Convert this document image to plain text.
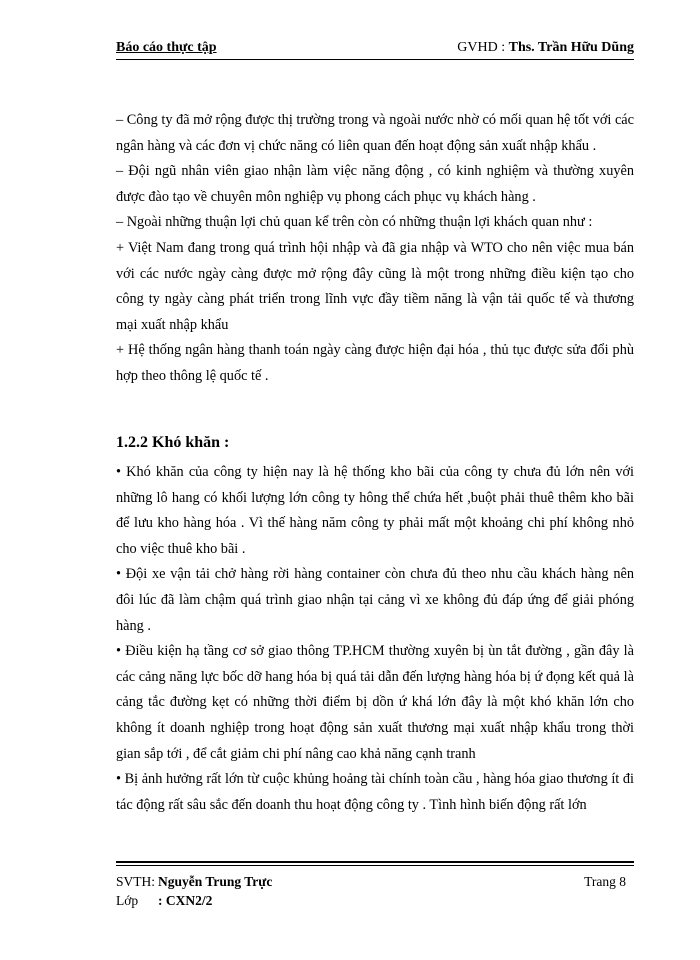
Báo cáo thực tập	GVHD : Ths. Trần Hữu Dũng

– Công ty đã mở rộng được thị trường trong và ngoài nước nhờ có mối quan hệ tốt với các ngân hàng và các đơn vị chức năng có liên quan đến hoạt động sản xuất nhập khẩu .

– Đội ngũ nhân viên giao nhận làm việc năng động , có kinh nghiệm và thường xuyên được đào tạo về chuyên môn nghiệp vụ phong cách phục vụ khách hàng .

– Ngoài những thuận lợi chủ quan kể trên còn có những thuận lợi khách quan như :

+ Việt Nam đang trong quá trình hội nhập và đã gia nhập và WTO cho nên việc mua bán với các nước ngày càng được mở rộng đây cũng là một trong những điều kiện tạo cho công ty ngày càng phát triển trong lĩnh vực đầy tiềm năng là vận tải quốc tế và thương mại xuất nhập khẩu

+ Hệ thống ngân hàng thanh toán ngày càng được hiện đại hóa , thủ tục được sửa đổi phù hợp theo thông lệ quốc tế .

1.2.2 Khó khăn :

• Khó khăn của công ty hiện nay là hệ thống kho bãi của công ty chưa đủ lớn nên với những lô hang có khối lượng lớn công ty hông thể chứa hết ,buột phải thuê thêm kho bãi để lưu kho hàng hóa . Vì thế hàng năm công ty phải mất một khoảng chi phí không nhỏ cho việc thuê kho bãi .

• Đội xe vận tải chở hàng rời hàng container còn chưa đủ theo nhu cầu khách hàng nên đôi lúc đã làm chậm quá trình giao nhận tại cảng vì xe không đủ đáp ứng để giải phóng hàng .

• Điều kiện hạ tầng cơ sở giao thông TP.HCM thường xuyên bị ùn tắt đường , gần đây là các cảng năng lực bốc dỡ hang hóa bị quá tải dẫn đến lượng hàng hóa bị ứ đọng kết quả là cảng tắc đường kẹt có những thời điểm bị dồn ứ khá lớn đây là một khó khăn lớn cho không ít doanh nghiệp trong hoạt động sản xuất thương mại xuất nhập khẩu trong thời gian sắp tới , để cắt giảm chi phí nâng cao khả năng cạnh tranh

• Bị ảnh hưởng rất lớn từ cuộc khủng hoảng tài chính toàn cầu , hàng hóa giao thương ít đi tác động rất sâu sắc đến doanh thu hoạt động công ty . Tình hình biến động rất lớn

SVTH: Nguyễn Trung Trực	Trang 8
Lớp : CXN2/2
